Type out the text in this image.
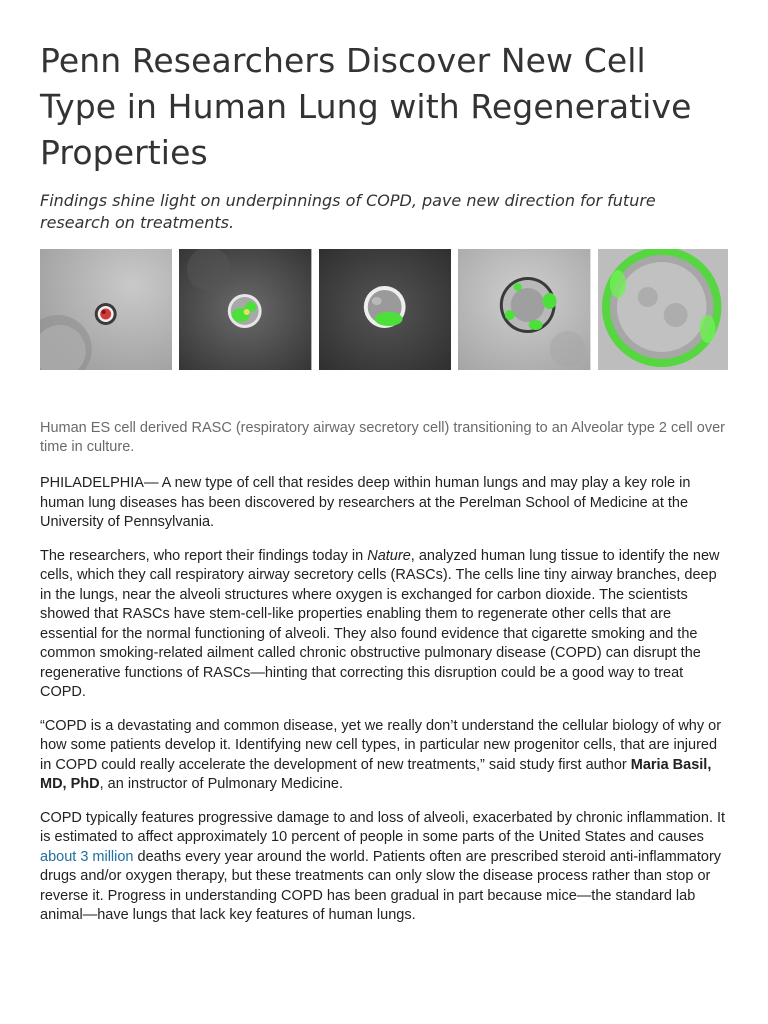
Penn Researchers Discover New Cell Type in Human Lung with Regenerative Properties

Findings shine light on underpinnings of COPD, pave new direction for future research on treatments.

Human ES cell derived RASC (respiratory airway secretory cell) transitioning to an Alveolar type 2 cell over time in culture.

PHILADELPHIA— A new type of cell that resides deep within human lungs and may play a key role in human lung diseases has been discovered by researchers at the Perelman School of Medicine at the University of Pennsylvania.

The researchers, who report their findings today in Nature, analyzed human lung tissue to identify the new cells, which they call respiratory airway secretory cells (RASCs). The cells line tiny airway branches, deep in the lungs, near the alveoli structures where oxygen is exchanged for carbon dioxide. The scientists showed that RASCs have stem-cell-like properties enabling them to regenerate other cells that are essential for the normal functioning of alveoli. They also found evidence that cigarette smoking and the common smoking-related ailment called chronic obstructive pulmonary disease (COPD) can disrupt the regenerative functions of RASCs—hinting that correcting this disruption could be a good way to treat COPD.

“COPD is a devastating and common disease, yet we really don’t understand the cellular biology of why or how some patients develop it. Identifying new cell types, in particular new progenitor cells, that are injured in COPD could really accelerate the development of new treatments,” said study first author Maria Basil, MD, PhD, an instructor of Pulmonary Medicine.

COPD typically features progressive damage to and loss of alveoli, exacerbated by chronic inflammation. It is estimated to affect approximately 10 percent of people in some parts of the United States and causes about 3 million deaths every year around the world. Patients often are prescribed steroid anti-inflammatory drugs and/or oxygen therapy, but these treatments can only slow the disease process rather than stop or reverse it. Progress in understanding COPD has been gradual in part because mice—the standard lab animal—have lungs that lack key features of human lungs.
